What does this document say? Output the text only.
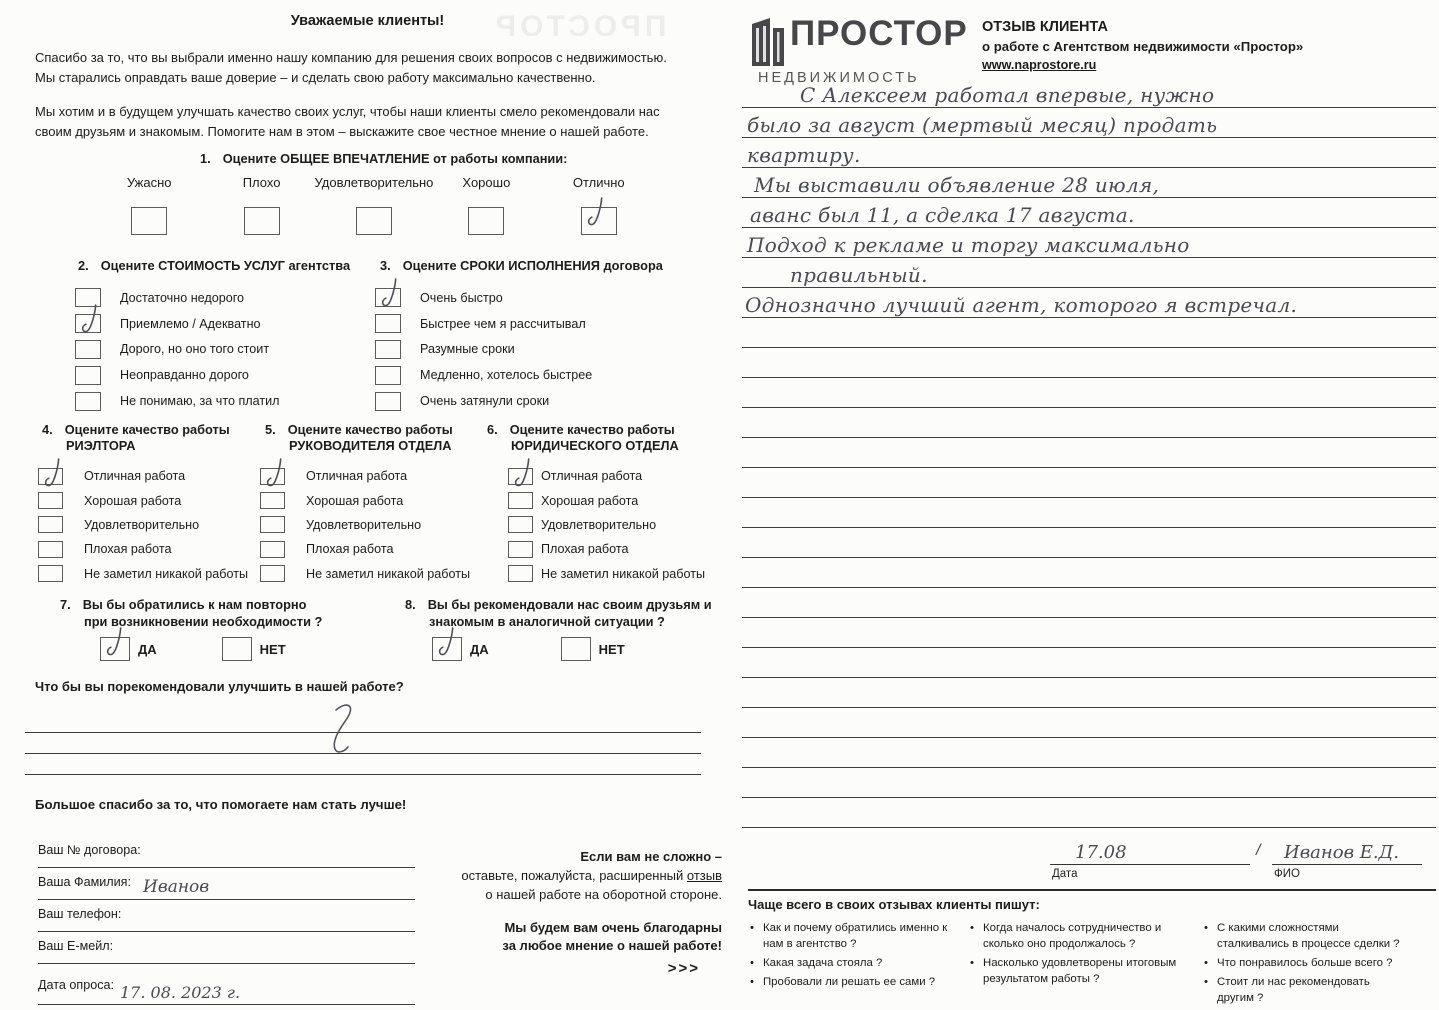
ПРОСТОР
Уважаемые клиенты!

Спасибо за то, что вы выбрали именно нашу компанию для решения своих вопросов с недвижимостью. Мы старались оправдать ваше доверие – и сделать свою работу максимально качественно.

Мы хотим и в будущем улучшать качество своих услуг, чтобы наши клиенты смело рекомендовали нас своим друзьям и знакомым. Помогите нам в этом – выскажите свое честное мнение о нашей работе.

1. Оцените ОБЩЕЕ ВПЕЧАТЛЕНИЕ от работы компании:
Ужасно	Плохо	Удовлетворительно Хорошо	Отлично
2. Оцените СТОИМОСТЬ УСЛУГ агентства
Достаточно недорого
Приемлемо / Адекватно
Дорого, но оно того стоит
Неоправданно дорого
Не понимаю, за что платил
3. Оцените СРОКИ ИСПОЛНЕНИЯ договора
Очень быстро
Быстрее чем я рассчитывал
Разумные сроки
Медленно, хотелось быстрее
Очень затянули сроки
4. Оцените качество работы
РИЭЛТОРА
Отличная работа
Хорошая работа
Удовлетворительно
Плохая работа
Не заметил никакой работы
5. Оцените качество работы
РУКОВОДИТЕЛЯ ОТДЕЛА
Отличная работа
Хорошая работа
Удовлетворительно
Плохая работа
Не заметил никакой работы
6. Оцените качество работы
ЮРИДИЧЕСКОГО ОТДЕЛА
Отличная работа
Хорошая работа
Удовлетворительно
Плохая работа
Не заметил никакой работы
7. Вы бы обратились к нам повторно
при возникновении необходимости ?
ДА	НЕТ
8. Вы бы рекомендовали нас своим друзьям и
знакомым в аналогичной ситуации ?
ДА	НЕТ
Что бы вы порекомендовали улучшить в нашей работе?
Большое спасибо за то, что помогаете нам стать лучше!
Ваш № договора:
Ваша Фамилия: Иванов
Ваш телефон:
Ваш Е-мейл:
Дата опроса: 17. 08. 2023 г.
Если вам не сложно –
оставьте, пожалуйста, расширенный отзыв
о нашей работе на оборотной стороне.
Мы будем вам очень благодарны
за любое мнение о нашей работе!
>>>
ПРОСТОР
НЕДВИЖИМОСТЬ
ОТЗЫВ КЛИЕНТА
о работе с Агентством недвижимости «Простор»
www.naprostore.ru
С Алексеем работал впервые, нужно
было за август (мертвый месяц) продать
квартиру.
Мы выставили объявление 28 июля,
аванс был 11, а сделка 17 августа.
Подход к рекламе и торгу максимально
правильный.
Однозначно лучший агент, которого я встречал.
17.08	/ Иванов Е.Д.
Дата	ФИО
Чаще всего в своих отзывах клиенты пишут:
• Как и почему обратились именно к нам в агентство ?
• Какая задача стояла ?
• Пробовали ли решать ее сами ?
• Когда началось сотрудничество и сколько оно продолжалось ?
• Насколько удовлетворены итоговым результатом работы ?
• С какими сложностями сталкивались в процессе сделки ?
• Что понравилось больше всего ?
• Стоит ли нас рекомендовать другим ?
